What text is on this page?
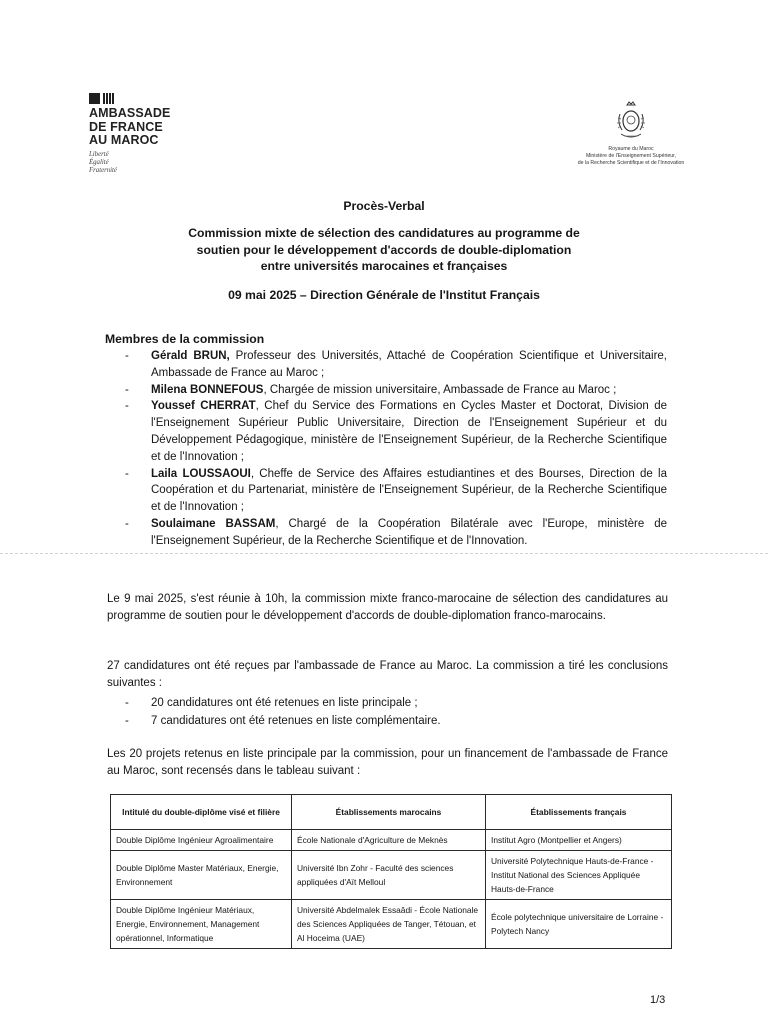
AMBASSADE
DE FRANCE
AU MAROC
Liberté
Égalité
Fraternité
Royaume du Maroc
Ministère de l'Enseignement Supérieur,
de la Recherche Scientifique et de l'Innovation
Procès-Verbal
Commission mixte de sélection des candidatures au programme de
soutien pour le développement d'accords de double-diplomation
entre universités marocaines et françaises
09 mai 2025 – Direction Générale de l'Institut Français
Membres de la commission
- Gérald BRUN, Professeur des Universités, Attaché de Coopération Scientifique et Universitaire, Ambassade de France au Maroc ;
- Milena BONNEFOUS, Chargée de mission universitaire, Ambassade de France au Maroc ;
- Youssef CHERRAT, Chef du Service des Formations en Cycles Master et Doctorat, Division de l'Enseignement Supérieur Public Universitaire, Direction de l'Enseignement Supérieur et du Développement Pédagogique, ministère de l'Enseignement Supérieur, de la Recherche Scientifique et de l'Innovation ;
- Laila LOUSSAOUI, Cheffe de Service des Affaires estudiantines et des Bourses, Direction de la Coopération et du Partenariat, ministère de l'Enseignement Supérieur, de la Recherche Scientifique et de l'Innovation ;
- Soulaimane BASSAM, Chargé de la Coopération Bilatérale avec l'Europe, ministère de l'Enseignement Supérieur, de la Recherche Scientifique et de l'Innovation.
Le 9 mai 2025, s'est réunie à 10h, la commission mixte franco-marocaine de sélection des candidatures au programme de soutien pour le développement d'accords de double-diplomation franco-marocains.
27 candidatures ont été reçues par l'ambassade de France au Maroc. La commission a tiré les conclusions suivantes :
- 20 candidatures ont été retenues en liste principale ;
- 7 candidatures ont été retenues en liste complémentaire.
Les 20 projets retenus en liste principale par la commission, pour un financement de l'ambassade de France au Maroc, sont recensés dans le tableau suivant :
Intitulé du double-diplôme visé et filière	Établissements marocains	Établissements français
Double Diplôme Ingénieur Agroalimentaire	École Nationale d'Agriculture de Meknès	Institut Agro (Montpellier et Angers)
Double Diplôme Master Matériaux, Energie, Environnement	Université Ibn Zohr - Faculté des sciences appliquées d'Aït Melloul	Université Polytechnique Hauts-de-France - Institut National des Sciences Appliquée Hauts-de-France
Double Diplôme Ingénieur Matériaux, Energie, Environnement, Management opérationnel, Informatique	Université Abdelmalek Essaâdi - École Nationale des Sciences Appliquées de Tanger, Tétouan, et Al Hoceima (UAE)	École polytechnique universitaire de Lorraine - Polytech Nancy
1/3
